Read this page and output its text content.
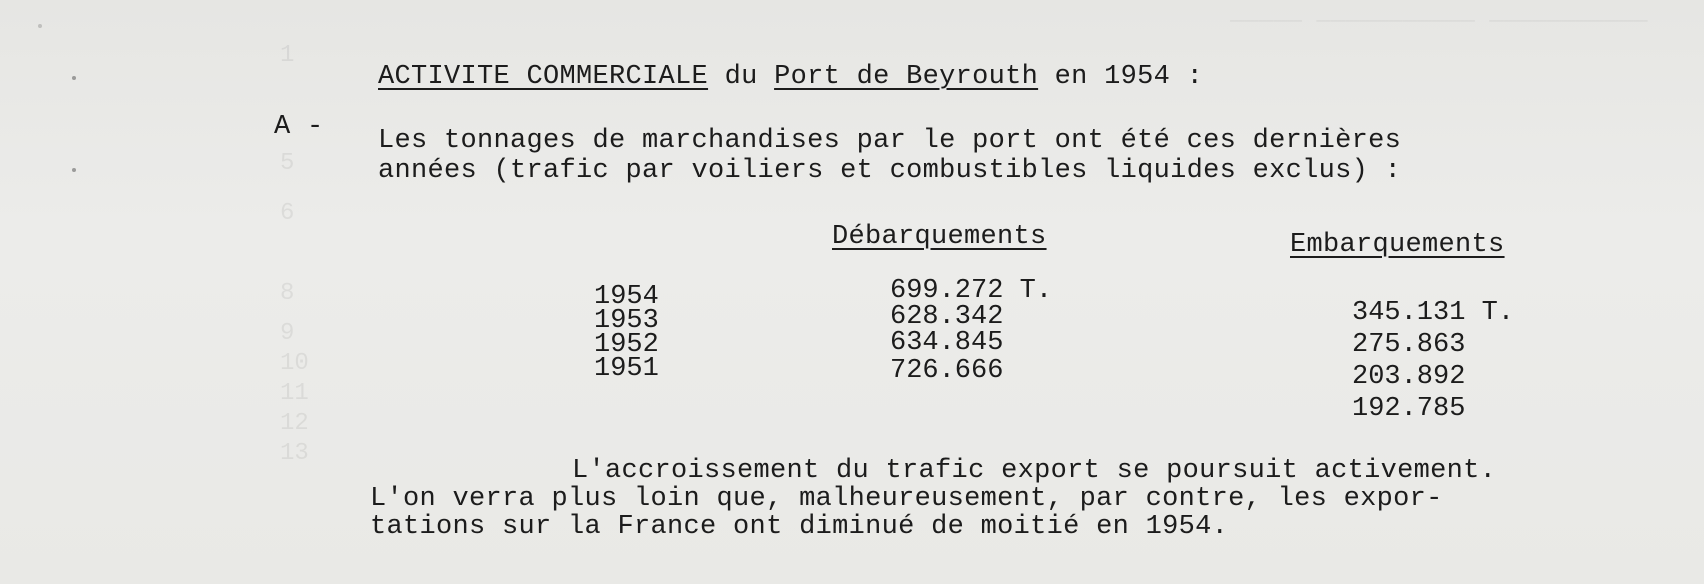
1
5
6
8
9
10
11
12
13
_____ ___________ ___________
ACTIVITE COMMERCIALE du Port de Beyrouth en 1954 :
A - Les tonnages de marchandises par le port ont été ces dernières
années (trafic par voiliers et combustibles liquides exclus) :
Débarquements	Embarquements
1954
1953
1952
1951
699.272 T.
628.342
634.845
726.666
345.131 T.
275.863
203.892
192.785
L'accroissement du trafic export se poursuit activement.
L'on verra plus loin que, malheureusement, par contre, les expor-
tations sur la France ont diminué de moitié en 1954.
